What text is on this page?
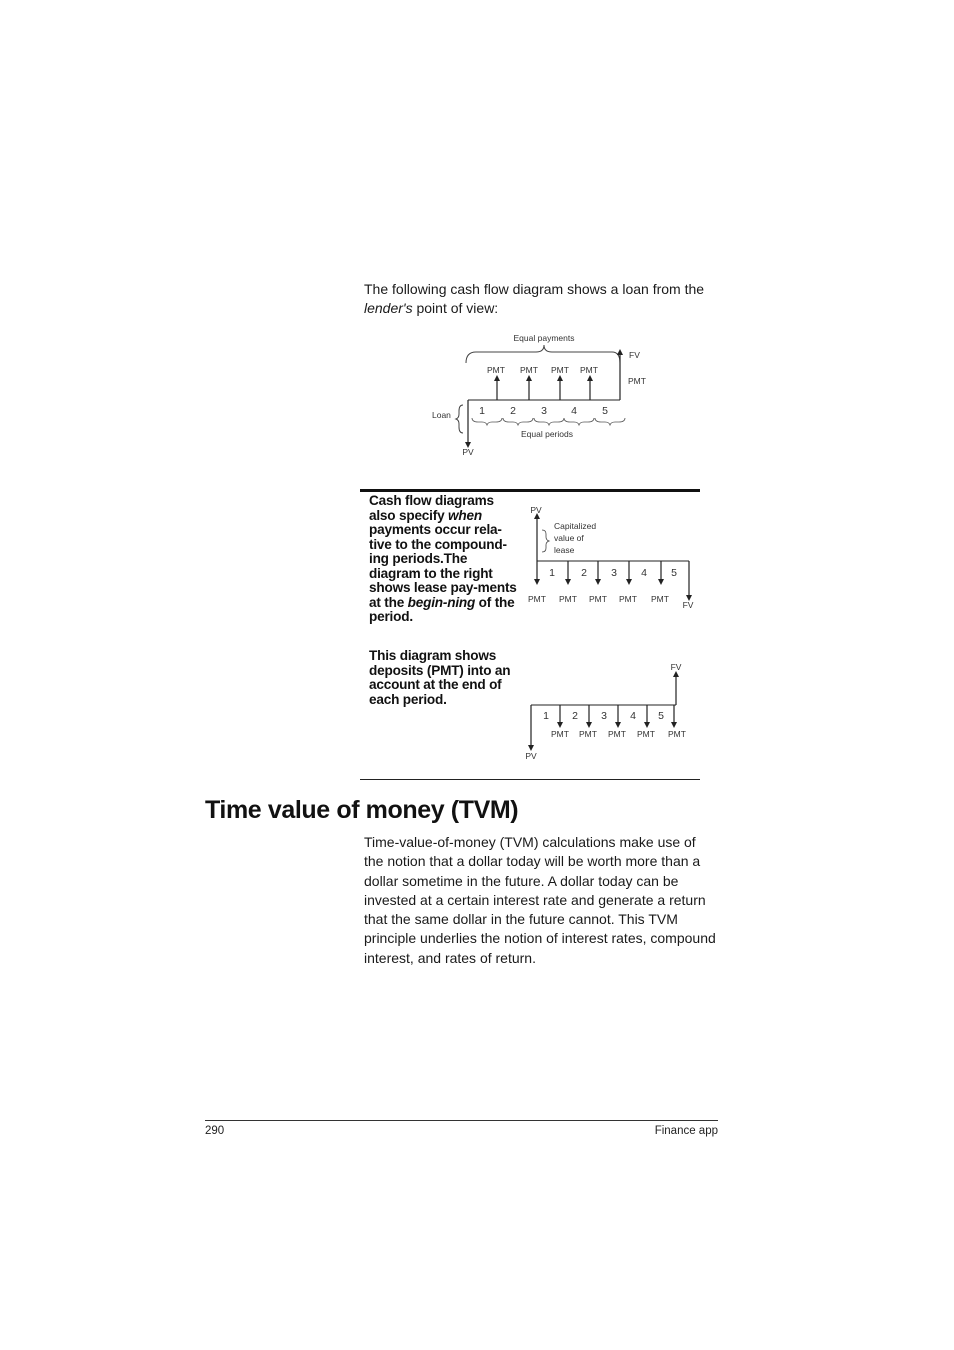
The following cash flow diagram shows a loan from the lender's point of view:
Equal payments
PV
PMT PMT PMT PMT
FV
PMT
1 2 3 4 5
Equal periods
Loan
Cash flow diagrams also specify when payments occur rela-tive to the compound-ing periods.The diagram to the right shows lease pay-ments at the begin-ning of the period.
PV
Capitalized
value of
lease
1 2 3 4 5
PMT PMT PMT PMT PMT
FV
This diagram shows deposits (PMT) into an account at the end of each period.
FV
PV
1 2 3 4 5
PMT PMT PMT PMT PMT
Time value of money (TVM)
Time-value-of-money (TVM) calculations make use of the notion that a dollar today will be worth more than a dollar sometime in the future. A dollar today can be invested at a certain interest rate and generate a return that the same dollar in the future cannot. This TVM principle underlies the notion of interest rates, compound interest, and rates of return.
290	Finance app
